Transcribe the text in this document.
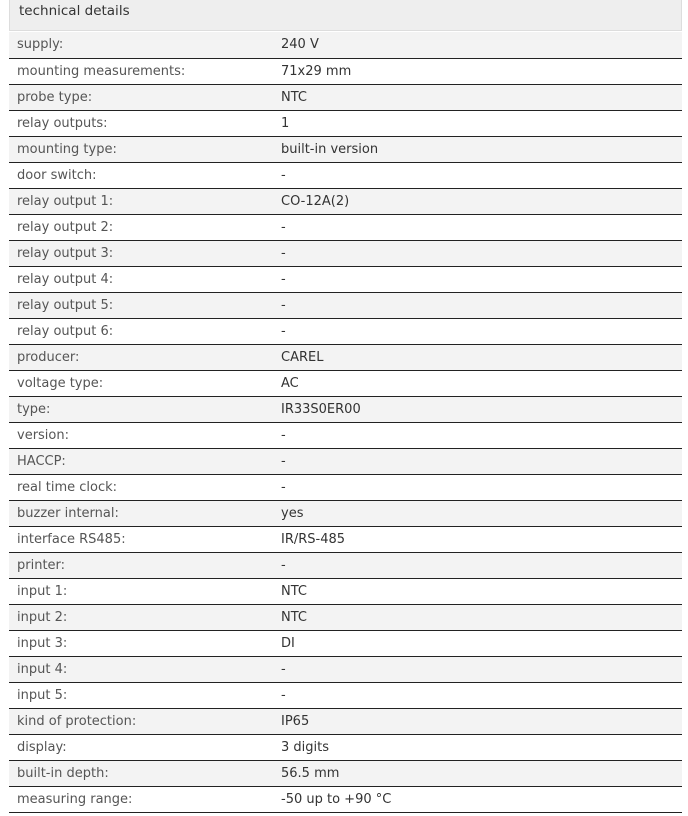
technical details
supply:	240 V
mounting measurements:	71x29 mm
probe type:	NTC
relay outputs:	1
mounting type:	built-in version
door switch:	-
relay output 1:	CO-12A(2)
relay output 2:	-
relay output 3:	-
relay output 4:	-
relay output 5:	-
relay output 6:	-
producer:	CAREL
voltage type:	AC
type:	IR33S0ER00
version:	-
HACCP:	-
real time clock:	-
buzzer internal:	yes
interface RS485:	IR/RS-485
printer:	-
input 1:	NTC
input 2:	NTC
input 3:	DI
input 4:	-
input 5:	-
kind of protection:	IP65
display:	3 digits
built-in depth:	56.5 mm
measuring range:	-50 up to +90 °C
